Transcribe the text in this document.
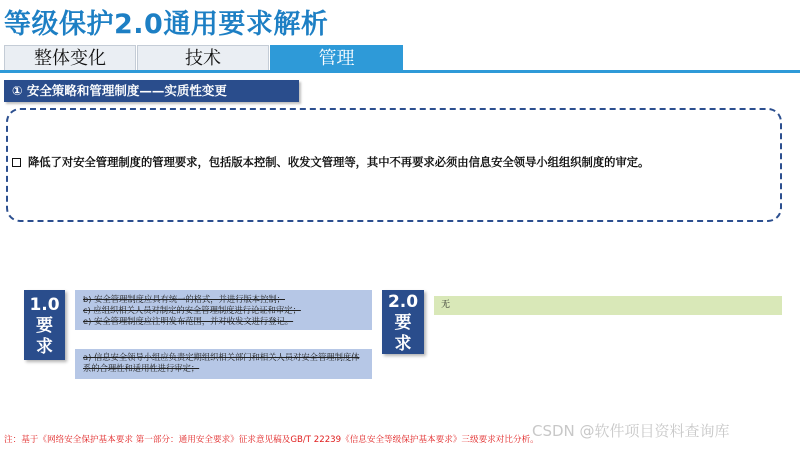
等级保护2.0通用要求解析
整体变化	技术	管理
① 安全策略和管理制度——实质性变更
降低了对安全管理制度的管理要求，包括版本控制、收发文管理等，其中不再要求必须由信息安全领导小组组织制度的审定。
1.0
要
求
b) 安全管理制度应具有统一的格式，并进行版本控制；
c) 应组织相关人员对制定的安全管理制度进行论证和审定；
e) 安全管理制度应注明发布范围，并对收发文进行登记。
a) 信息安全领导小组应负责定期组织相关部门和相关人员对安全管理制度体系的合理性和适用性进行审定；
2.0
要
求
无
CSDN @软件项目资料查询库
注：基于《网络安全保护基本要求 第一部分：通用安全要求》征求意见稿及GB/T 22239《信息安全等级保护基本要求》三级要求对比分析。
